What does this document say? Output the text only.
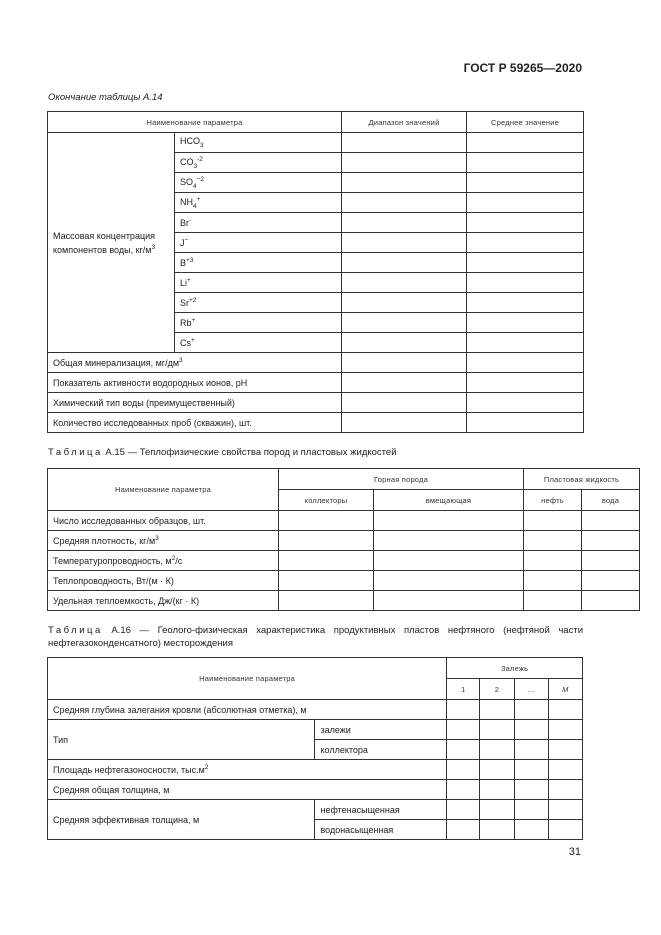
ГОСТ Р 59265—2020
Окончание таблицы А.14
Наименование параметра		Диапазон значений	Среднее значение
Массовая концентрация
компонентов воды, $кг/м^3$	$HCO_3$		
	$CO_3^{-2}$		
	$SO_4^{-2}$		
	$NH_4^+$		
	Br-		
	J−		
	$B^{+3}$		
	Li+		
	$Sr^{+2}$		
	Rb+		
	Cs+		
Общая минерализация, $мг/дм^3$		
Показатель активности водородных ионов, pH			
Химический тип воды (преимущественный)			
Количество исследованных проб (скважин), шт.			
Таблица А.15 — Теплофизические свойства пород и пластовых жидкостей
Наименование параметра	Горная порода		Пластовая жидкость	
	коллекторы	вмещающая	нефть	вода
Число исследованных образцов, шт.				
Средняя плотность, $кг/м^3$				
Температуропроводность, $м^2/с$				
Теплопроводность, Вт/(м · К)				
Удельная теплоемкость, Дж/(кг · К)				
Таблица А.16 — Геолого-физическая характеристика продуктивных пластов нефтяного (нефтяной части нефтегазоконденсатного) месторождения
Наименование параметра		Залежь			
		1	2	...	M
Средняя глубина залегания кровли (абсолютная отметка), м					
Тип	залежи				
	коллектора				
Площадь нефтегазоносности, $тыс.м^2$				
Средняя общая толщина, м					
Средняя эффективная толщина, м	нефтенасыщенная				
	водонасыщенная				
31
